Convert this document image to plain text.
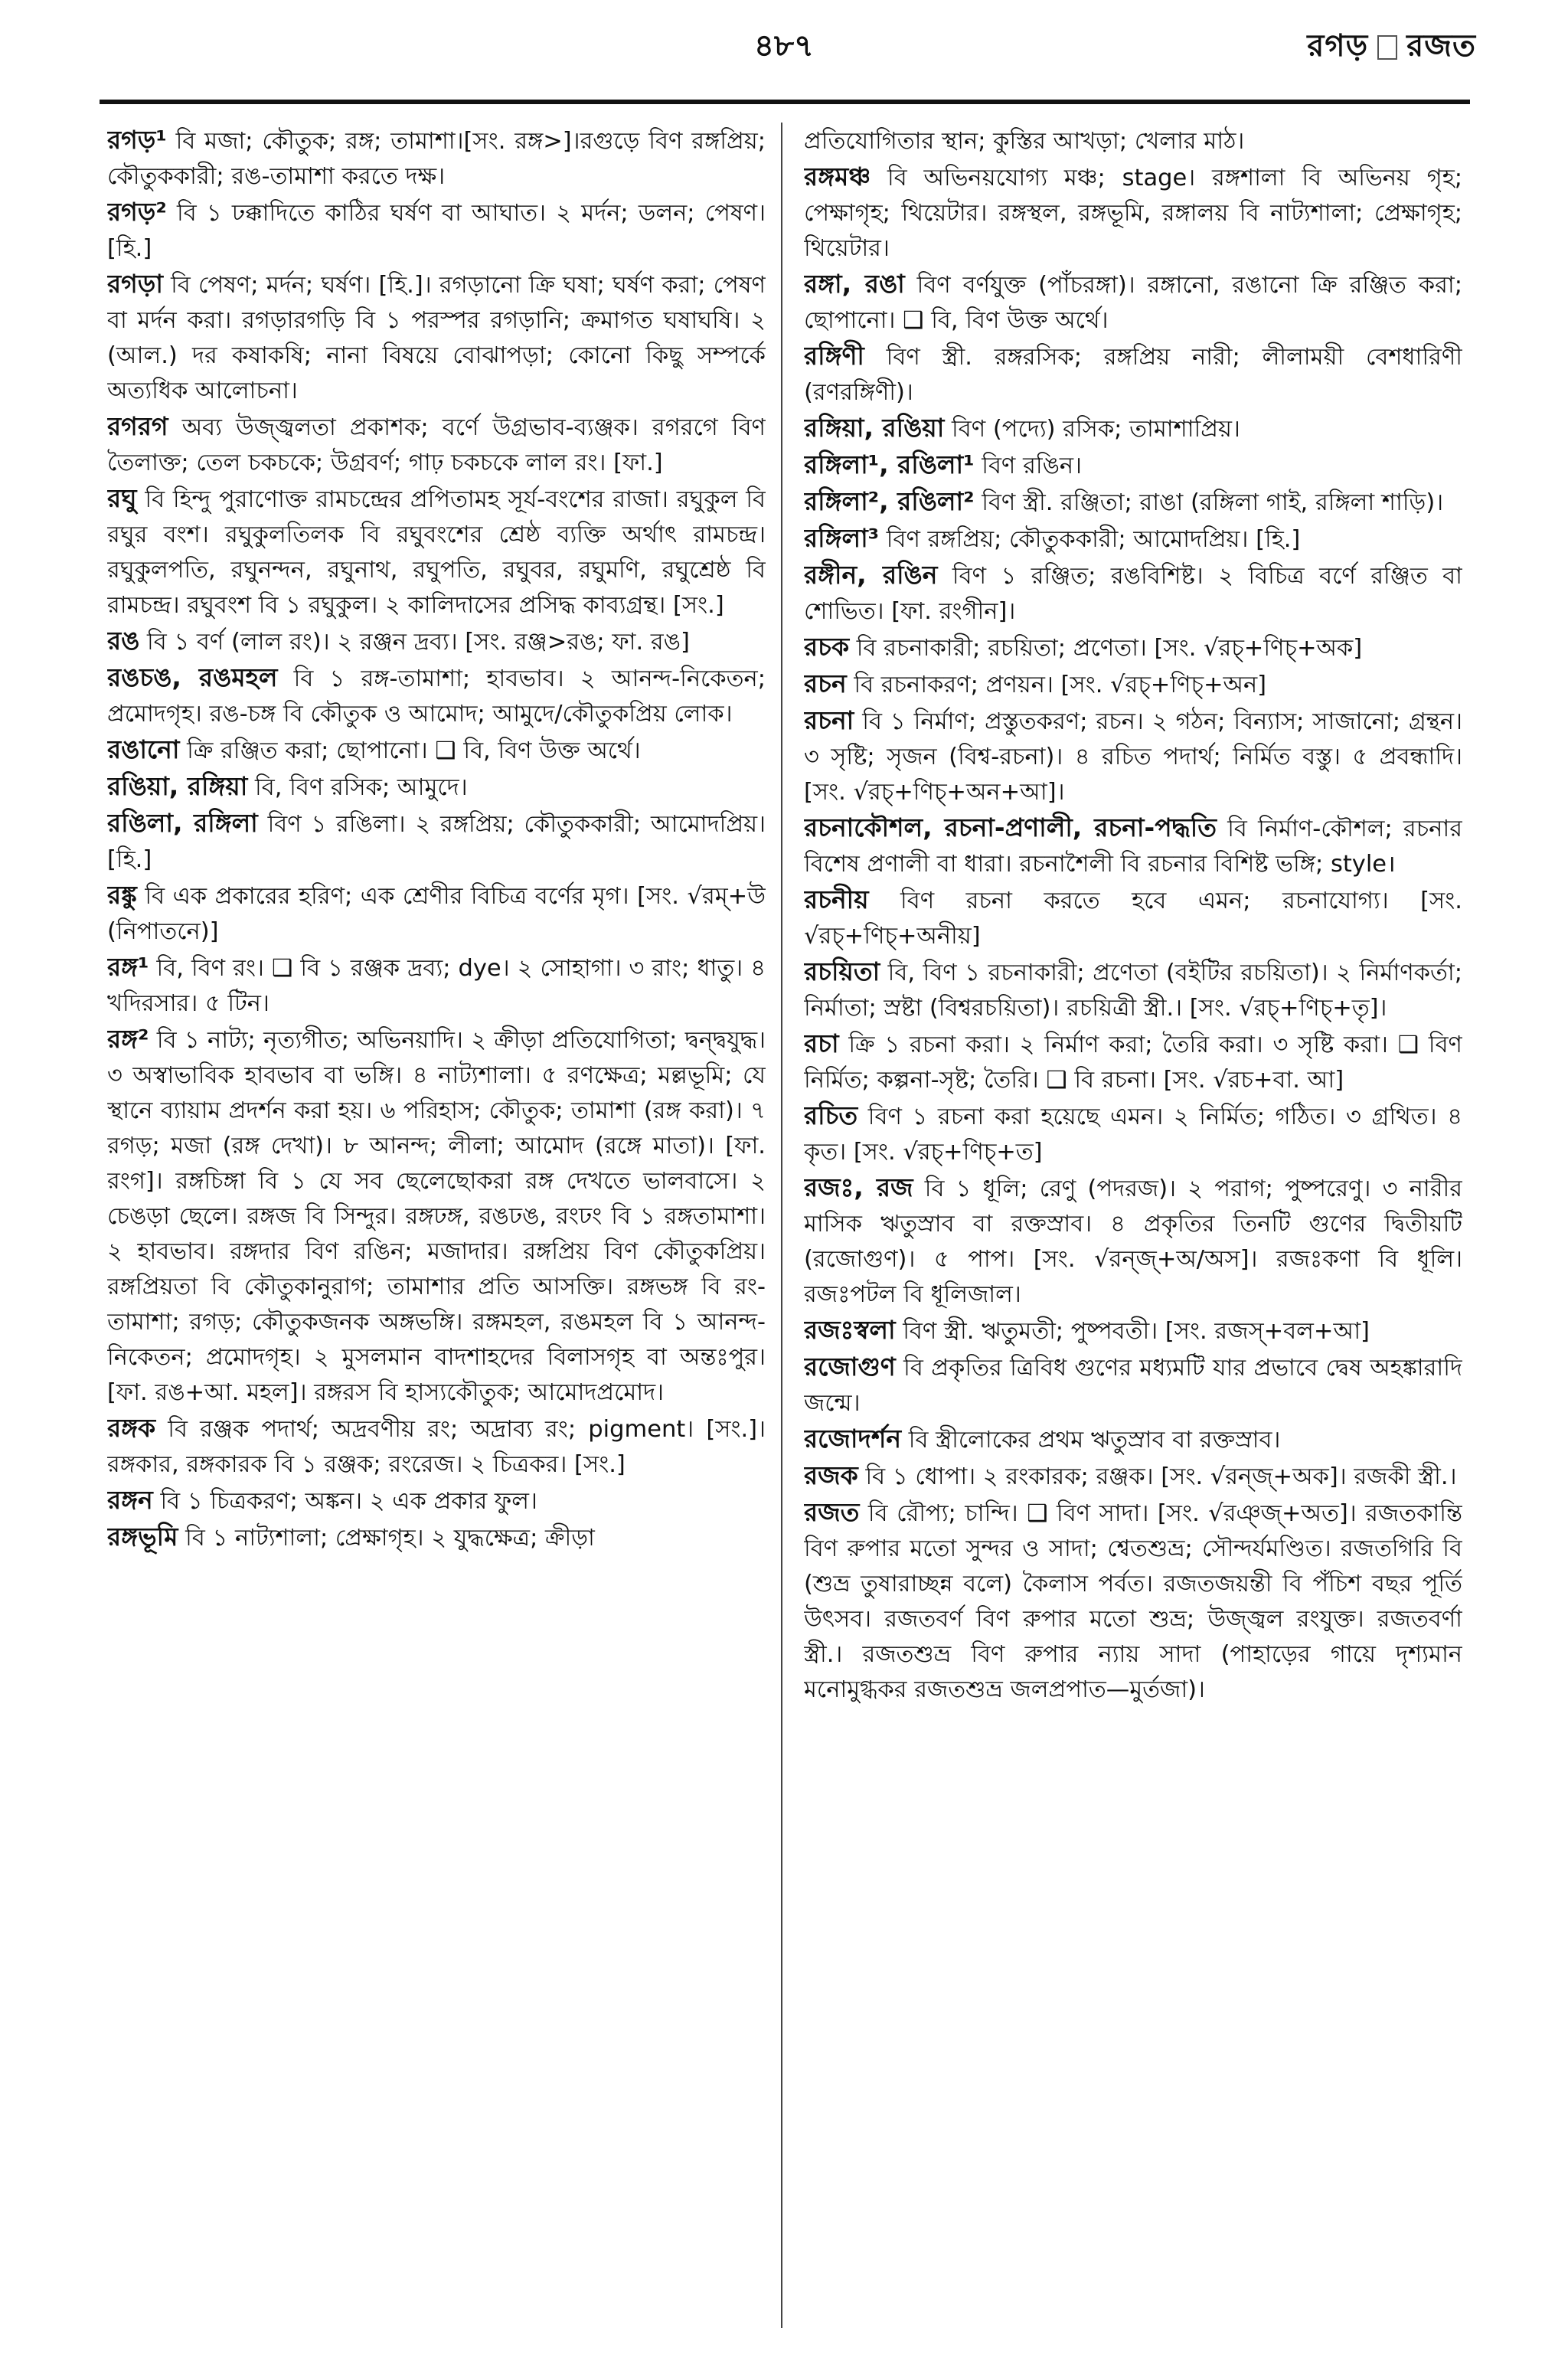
৪৮৭	রগড় রজত

রগড়¹ বি মজা; কৌতুক; রঙ্গ; তামাশা।[সং. রঙ্গ>]।রগুড়ে বিণ রঙ্গপ্রিয়; কৌতুককারী; রঙ-তামাশা করতে দক্ষ।

রগড়² বি ১ ঢক্কাদিতে কাঠির ঘর্ষণ বা আঘাত। ২ মর্দন; ডলন; পেষণ। [হি.]

রগড়া বি পেষণ; মর্দন; ঘর্ষণ। [হি.]। রগড়ানো ক্রি ঘষা; ঘর্ষণ করা; পেষণ বা মর্দন করা। রগড়ারগড়ি বি ১ পরস্পর রগড়ানি; ক্রমাগত ঘষাঘষি। ২ (আল.) দর কষাকষি; নানা বিষয়ে বোঝাপড়া; কোনো কিছু সম্পর্কে অত্যধিক আলোচনা।

রগরগ অব্য উজ্জ্বলতা প্রকাশক; বর্ণে উগ্রভাব-ব্যঞ্জক। রগরগে বিণ তৈলাক্ত; তেল চকচকে; উগ্রবর্ণ; গাঢ় চকচকে লাল রং। [ফা.]

রঘু বি হিন্দু পুরাণোক্ত রামচন্দ্রের প্রপিতামহ সূর্য-বংশের রাজা। রঘুকুল বি রঘুর বংশ। রঘুকুলতিলক বি রঘুবংশের শ্রেষ্ঠ ব্যক্তি অর্থাৎ রামচন্দ্র। রঘুকুলপতি, রঘুনন্দন, রঘুনাথ, রঘুপতি, রঘুবর, রঘুমণি, রঘুশ্রেষ্ঠ বি রামচন্দ্র। রঘুবংশ বি ১ রঘুকুল। ২ কালিদাসের প্রসিদ্ধ কাব্যগ্রন্থ। [সং.]

রঙ বি ১ বর্ণ (লাল রং)। ২ রঞ্জন দ্রব্য। [সং. রঞ্জ>রঙ; ফা. রঙ]

রঙচঙ, রঙমহল বি ১ রঙ্গ-তামাশা; হাবভাব। ২ আনন্দ-নিকেতন; প্রমোদগৃহ। রঙ-চঙ্গ বি কৌতুক ও আমোদ; আমুদে/কৌতুকপ্রিয় লোক।

রঙানো ক্রি রঞ্জিত করা; ছোপানো। ❑ বি, বিণ উক্ত অর্থে।

রঙিয়া, রঙ্গিয়া বি, বিণ রসিক; আমুদে।

রঙিলা, রঙ্গিলা বিণ ১ রঙিলা। ২ রঙ্গপ্রিয়; কৌতুককারী; আমোদপ্রিয়। [হি.]

রঙ্কু বি এক প্রকারের হরিণ; এক শ্রেণীর বিচিত্র বর্ণের মৃগ। [সং. √রম্+উ (নিপাতনে)]

রঙ্গ¹ বি, বিণ রং। ❑ বি ১ রঞ্জক দ্রব্য; dye। ২ সোহাগা। ৩ রাং; ধাতু। ৪ খদিরসার। ৫ টিন।

রঙ্গ² বি ১ নাট্য; নৃত্যগীত; অভিনয়াদি। ২ ক্রীড়া প্রতিযোগিতা; দ্বন্দ্বযুদ্ধ। ৩ অস্বাভাবিক হাবভাব বা ভঙ্গি। ৪ নাট্যশালা। ৫ রণক্ষেত্র; মল্লভূমি; যে স্থানে ব্যায়াম প্রদর্শন করা হয়। ৬ পরিহাস; কৌতুক; তামাশা (রঙ্গ করা)। ৭ রগড়; মজা (রঙ্গ দেখা)। ৮ আনন্দ; লীলা; আমোদ (রঙ্গে মাতা)। [ফা. রংগ]। রঙ্গচিঙ্গা বি ১ যে সব ছেলেছোকরা রঙ্গ দেখতে ভালবাসে। ২ চেঙড়া ছেলে। রঙ্গজ বি সিন্দুর। রঙ্গঢঙ্গ, রঙঢঙ, রংঢং বি ১ রঙ্গতামাশা। ২ হাবভাব। রঙ্গদার বিণ রঙিন; মজাদার। রঙ্গপ্রিয় বিণ কৌতুকপ্রিয়। রঙ্গপ্রিয়তা বি কৌতুকানুরাগ; তামাশার প্রতি আসক্তি। রঙ্গভঙ্গ বি রং-তামাশা; রগড়; কৌতুকজনক অঙ্গভঙ্গি। রঙ্গমহল, রঙমহল বি ১ আনন্দ-নিকেতন; প্রমোদগৃহ। ২ মুসলমান বাদশাহদের বিলাসগৃহ বা অন্তঃপুর। [ফা. রঙ+আ. মহল]। রঙ্গরস বি হাস্যকৌতুক; আমোদপ্রমোদ।

রঙ্গক বি রঞ্জক পদার্থ; অদ্রবণীয় রং; অদ্রাব্য রং; pigment। [সং.]। রঙ্গকার, রঙ্গকারক বি ১ রঞ্জক; রংরেজ। ২ চিত্রকর। [সং.]

রঙ্গন বি ১ চিত্রকরণ; অঙ্কন। ২ এক প্রকার ফুল।

রঙ্গভূমি বি ১ নাট্যশালা; প্রেক্ষাগৃহ। ২ যুদ্ধক্ষেত্র; ক্রীড়া

প্রতিযোগিতার স্থান; কুস্তির আখড়া; খেলার মাঠ।

রঙ্গমঞ্চ বি অভিনয়যোগ্য মঞ্চ; stage। রঙ্গশালা বি অভিনয় গৃহ; পেক্ষাগৃহ; থিয়েটার। রঙ্গস্থল, রঙ্গভূমি, রঙ্গালয় বি নাট্যশালা; প্রেক্ষাগৃহ; থিয়েটার।

রঙ্গা, রঙা বিণ বর্ণযুক্ত (পাঁচরঙ্গা)। রঙ্গানো, রঙানো ক্রি রঞ্জিত করা; ছোপানো। ❑ বি, বিণ উক্ত অর্থে।

রঙ্গিণী বিণ স্ত্রী. রঙ্গরসিক; রঙ্গপ্রিয় নারী; লীলাময়ী বেশধারিণী (রণরঙ্গিণী)।

রঙ্গিয়া, রঙিয়া বিণ (পদ্যে) রসিক; তামাশাপ্রিয়।

রঙ্গিলা¹, রঙিলা¹ বিণ রঙিন।

রঙ্গিলা², রঙিলা² বিণ স্ত্রী. রঞ্জিতা; রাঙা (রঙ্গিলা গাই, রঙ্গিলা শাড়ি)।

রঙ্গিলা³ বিণ রঙ্গপ্রিয়; কৌতুককারী; আমোদপ্রিয়। [হি.]

রঙ্গীন, রঙিন বিণ ১ রঞ্জিত; রঙবিশিষ্ট। ২ বিচিত্র বর্ণে রঞ্জিত বা শোভিত। [ফা. রংগীন]।

রচক বি রচনাকারী; রচয়িতা; প্রণেতা। [সং. √রচ্+ণিচ্+অক]

রচন বি রচনাকরণ; প্রণয়ন। [সং. √রচ্+ণিচ্+অন]

রচনা বি ১ নির্মাণ; প্রস্তুতকরণ; রচন। ২ গঠন; বিন্যাস; সাজানো; গ্রন্থন। ৩ সৃষ্টি; সৃজন (বিশ্ব-রচনা)। ৪ রচিত পদার্থ; নির্মিত বস্তু। ৫ প্রবন্ধাদি। [সং. √রচ্+ণিচ্+অন+আ]।

রচনাকৌশল, রচনা-প্রণালী, রচনা-পদ্ধতি বি নির্মাণ-কৌশল; রচনার বিশেষ প্রণালী বা ধারা। রচনাশৈলী বি রচনার বিশিষ্ট ভঙ্গি; style।

রচনীয় বিণ রচনা করতে হবে এমন; রচনাযোগ্য। [সং. √রচ্+ণিচ্+অনীয়]

রচয়িতা বি, বিণ ১ রচনাকারী; প্রণেতা (বইটির রচয়িতা)। ২ নির্মাণকর্তা; নির্মাতা; স্রষ্টা (বিশ্বরচয়িতা)। রচয়িত্রী স্ত্রী.। [সং. √রচ্+ণিচ্+তৃ]।

রচা ক্রি ১ রচনা করা। ২ নির্মাণ করা; তৈরি করা। ৩ সৃষ্টি করা। ❑ বিণ নির্মিত; কল্পনা-সৃষ্ট; তৈরি। ❑ বি রচনা। [সং. √রচ+বা. আ]

রচিত বিণ ১ রচনা করা হয়েছে এমন। ২ নির্মিত; গঠিত। ৩ গ্রথিত। ৪ কৃত। [সং. √রচ্+ণিচ্+ত]

রজঃ, রজ বি ১ ধূলি; রেণু (পদরজ)। ২ পরাগ; পুষ্পরেণু। ৩ নারীর মাসিক ঋতুস্রাব বা রক্তস্রাব। ৪ প্রকৃতির তিনটি গুণের দ্বিতীয়টি (রজোগুণ)। ৫ পাপ। [সং. √রন্জ্+অ/অস]। রজঃকণা বি ধূলি। রজঃপটল বি ধূলিজাল।

রজঃস্বলা বিণ স্ত্রী. ঋতুমতী; পুষ্পবতী। [সং. রজস্+বল+আ]

রজোগুণ বি প্রকৃতির ত্রিবিধ গুণের মধ্যমটি যার প্রভাবে দ্বেষ অহঙ্কারাদি জন্মে।

রজোদর্শন বি স্ত্রীলোকের প্রথম ঋতুস্রাব বা রক্তস্রাব।

রজক বি ১ ধোপা। ২ রংকারক; রঞ্জক। [সং. √রন্জ্+অক]। রজকী স্ত্রী.।

রজত বি রৌপ্য; চান্দি। ❑ বিণ সাদা। [সং. √রঞ্জ্+অত]। রজতকান্তি বিণ রুপার মতো সুন্দর ও সাদা; শ্বেতশুভ্র; সৌন্দর্যমণ্ডিত। রজতগিরি বি (শুভ্র তুষারাচ্ছন্ন বলে) কৈলাস পর্বত। রজতজয়ন্তী বি পঁচিশ বছর পূর্তি উৎসব। রজতবর্ণ বিণ রুপার মতো শুভ্র; উজ্জ্বল রংযুক্ত। রজতবর্ণা স্ত্রী.। রজতশুভ্র বিণ রুপার ন্যায় সাদা (পাহাড়ের গায়ে দৃশ্যমান মনোমুগ্ধকর রজতশুভ্র জলপ্রপাত—মুর্তজা)।
